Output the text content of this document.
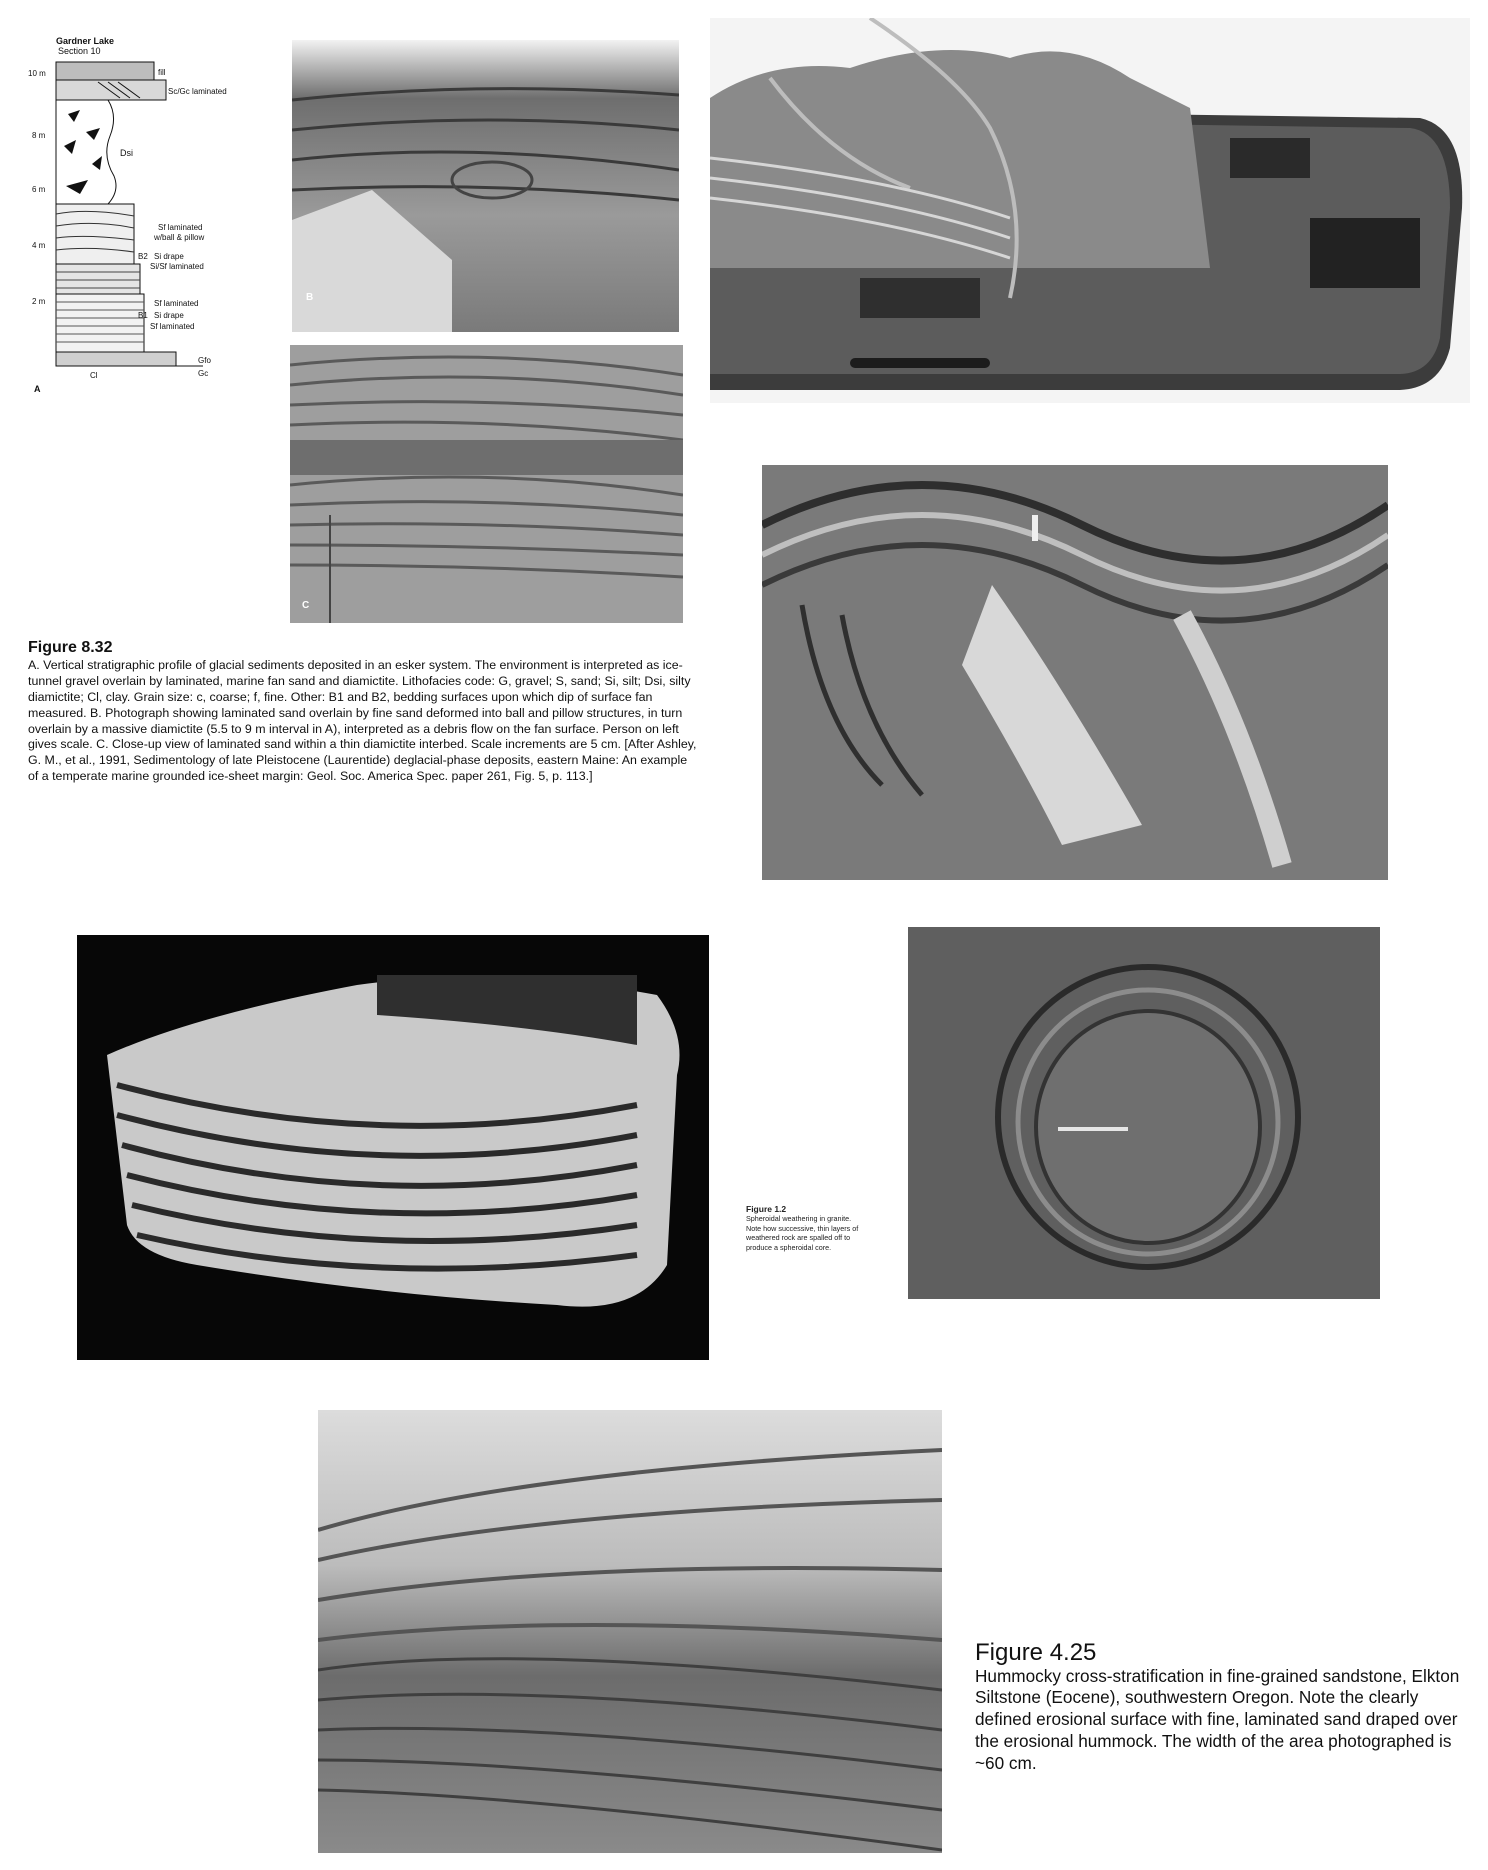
Gardner Lake
Section 10
10 m
8 m
6 m
4 m
2 m
fill
Sc/Gc laminated
Dsi
Sf laminated
w/ball & pillow
B2 Si drape
Si/Sf laminated
Sf laminated
B1 Si drape
Sf laminated
Gfo
Gc
Cl
A
B
C
Figure 8.32
A. Vertical stratigraphic profile of glacial sediments deposited in an esker system. The environment is interpreted as ice-tunnel gravel overlain by laminated, marine fan sand and diamictite. Lithofacies code: G, gravel; S, sand; Si, silt; Dsi, silty diamictite; Cl, clay. Grain size: c, coarse; f, fine. Other: B1 and B2, bedding surfaces upon which dip of surface fan measured. B. Photograph showing laminated sand overlain by fine sand deformed into ball and pillow structures, in turn overlain by a massive diamictite (5.5 to 9 m interval in A), interpreted as a debris flow on the fan surface. Person on left gives scale. C. Close-up view of laminated sand within a thin diamictite interbed. Scale increments are 5 cm. [After Ashley, G. M., et al., 1991, Sedimentology of late Pleistocene (Laurentide) deglacial-phase deposits, eastern Maine: An example of a temperate marine grounded ice-sheet margin: Geol. Soc. America Spec. paper 261, Fig. 5, p. 113.]
Figure 1.2
Spheroidal weathering in granite. Note how successive, thin layers of weathered rock are spalled off to produce a spheroidal core.
Figure 4.25
Hummocky cross-stratification in fine-grained sandstone, Elkton Siltstone (Eocene), southwestern Oregon. Note the clearly defined erosional surface with fine, laminated sand draped over the erosional hummock. The width of the area photographed is ~60 cm.
